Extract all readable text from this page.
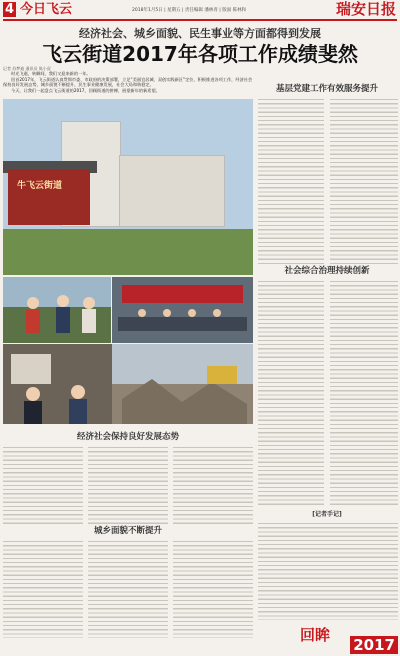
4 今日飞云	2018年1月5日 | 星期五 | 责任编辑 潘林青 | 版面 陈林和	瑞安日报
经济社会、城乡面貌、民生事业等方面都得到发展
飞云街道2017年各项工作成绩斐然
记者 苏梦迪 通讯员 陈小虎

时光飞逝，转瞬间，我们又迎来新的一年。

回首2017年，飞云街道认真贯彻市委、市政府的决策部署，立足“美丽宜居城、双创实践新区”定位，积极推进各项工作，经济社会保持良好发展态势，城乡面貌不断提升，民生事业健康发展，社会大局和谐稳定。

今天，让我们一起盘点飞云街道的2017，回顾街道的拼搏，展望新年的新希望。

牛飞云街道
基层党建工作有效服务提升
社会综合治理持续创新
经济社会保持良好发展态势
城乡面貌不断提升
[记者手记]
回眸
2017
